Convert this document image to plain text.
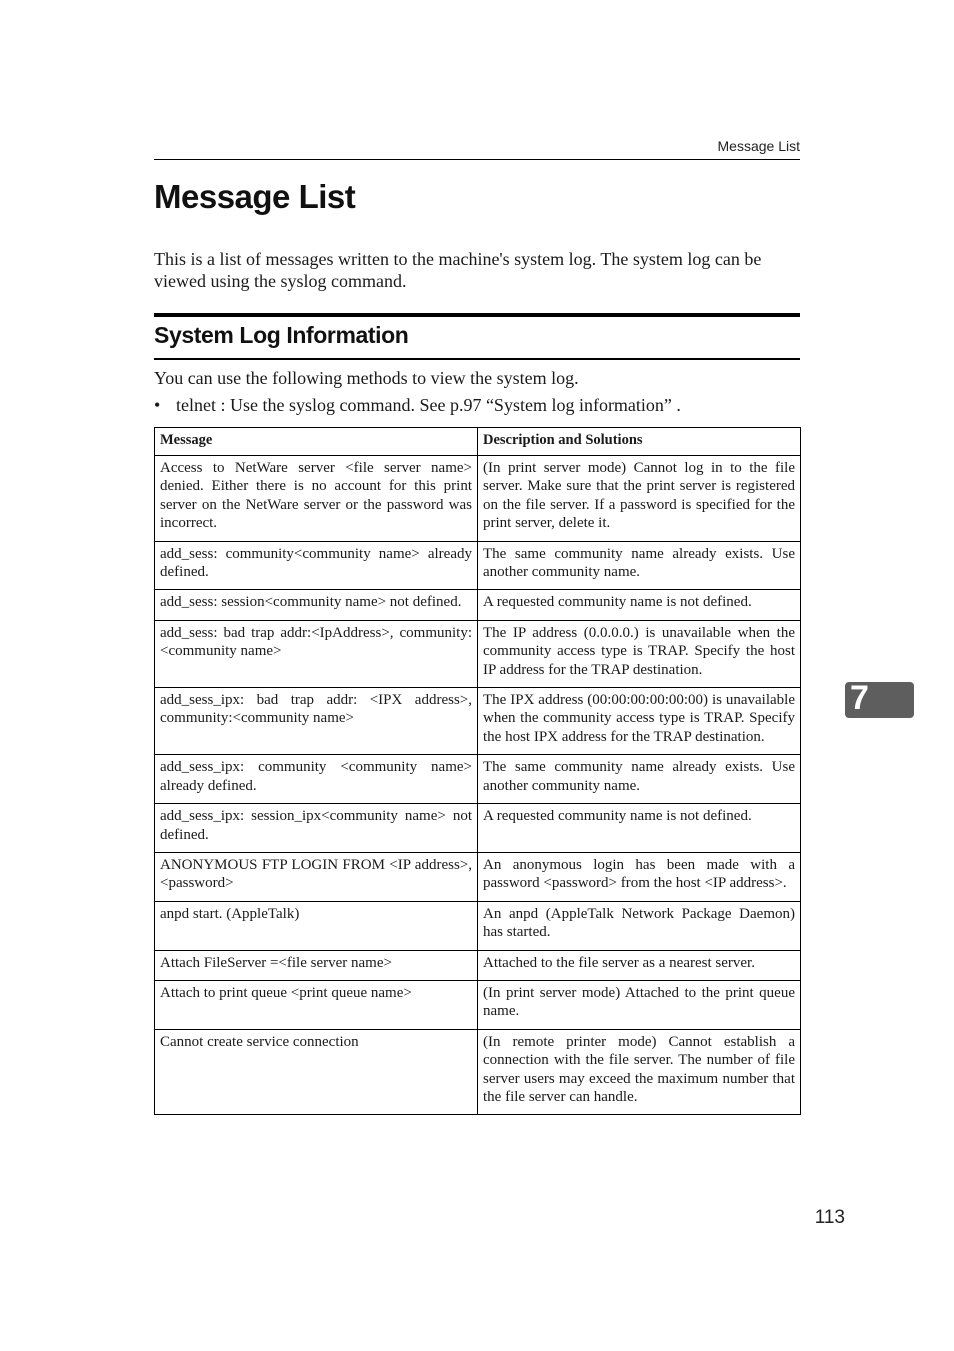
Message List
Message List

This is a list of messages written to the machine's system log. The system log can be viewed using the syslog command.

System Log Information

You can use the following methods to view the system log.

• telnet : Use the syslog command. See p.97 “System log information” .
Message	Description and Solutions
Access to NetWare server <file server name> denied. Either there is no account for this print server on the NetWare server or the password was incorrect.	(In print server mode) Cannot log in to the file server. Make sure that the print server is registered on the file server. If a password is specified for the print server, delete it.
add_sess: community<community name> already defined.	The same community name already exists. Use another community name.
add_sess: session<community name> not defined.	A requested community name is not defined.
add_sess: bad trap addr:<IpAddress>, community:<community name>	The IP address (0.0.0.0.) is unavailable when the community access type is TRAP. Specify the host IP address for the TRAP destination.
add_sess_ipx: bad trap addr: <IPX address>, community:<community name>	The IPX address (00:00:00:00:00:00) is unavailable when the community access type is TRAP. Specify the host IPX address for the TRAP destination.
add_sess_ipx: community <community name> already defined.	The same community name already exists. Use another community name.
add_sess_ipx: session_ipx<community name> not defined.	A requested community name is not defined.
ANONYMOUS FTP LOGIN FROM <IP address>, <password>	An anonymous login has been made with a password <password> from the host <IP address>.
anpd start. (AppleTalk)	An anpd (AppleTalk Network Package Daemon) has started.
Attach FileServer =<file server name>	Attached to the file server as a nearest server.
Attach to print queue <print queue name>	(In print server mode) Attached to the print queue name.
Cannot create service connection	(In remote printer mode) Cannot establish a connection with the file server. The number of file server users may exceed the maximum number that the file server can handle.
7
113
